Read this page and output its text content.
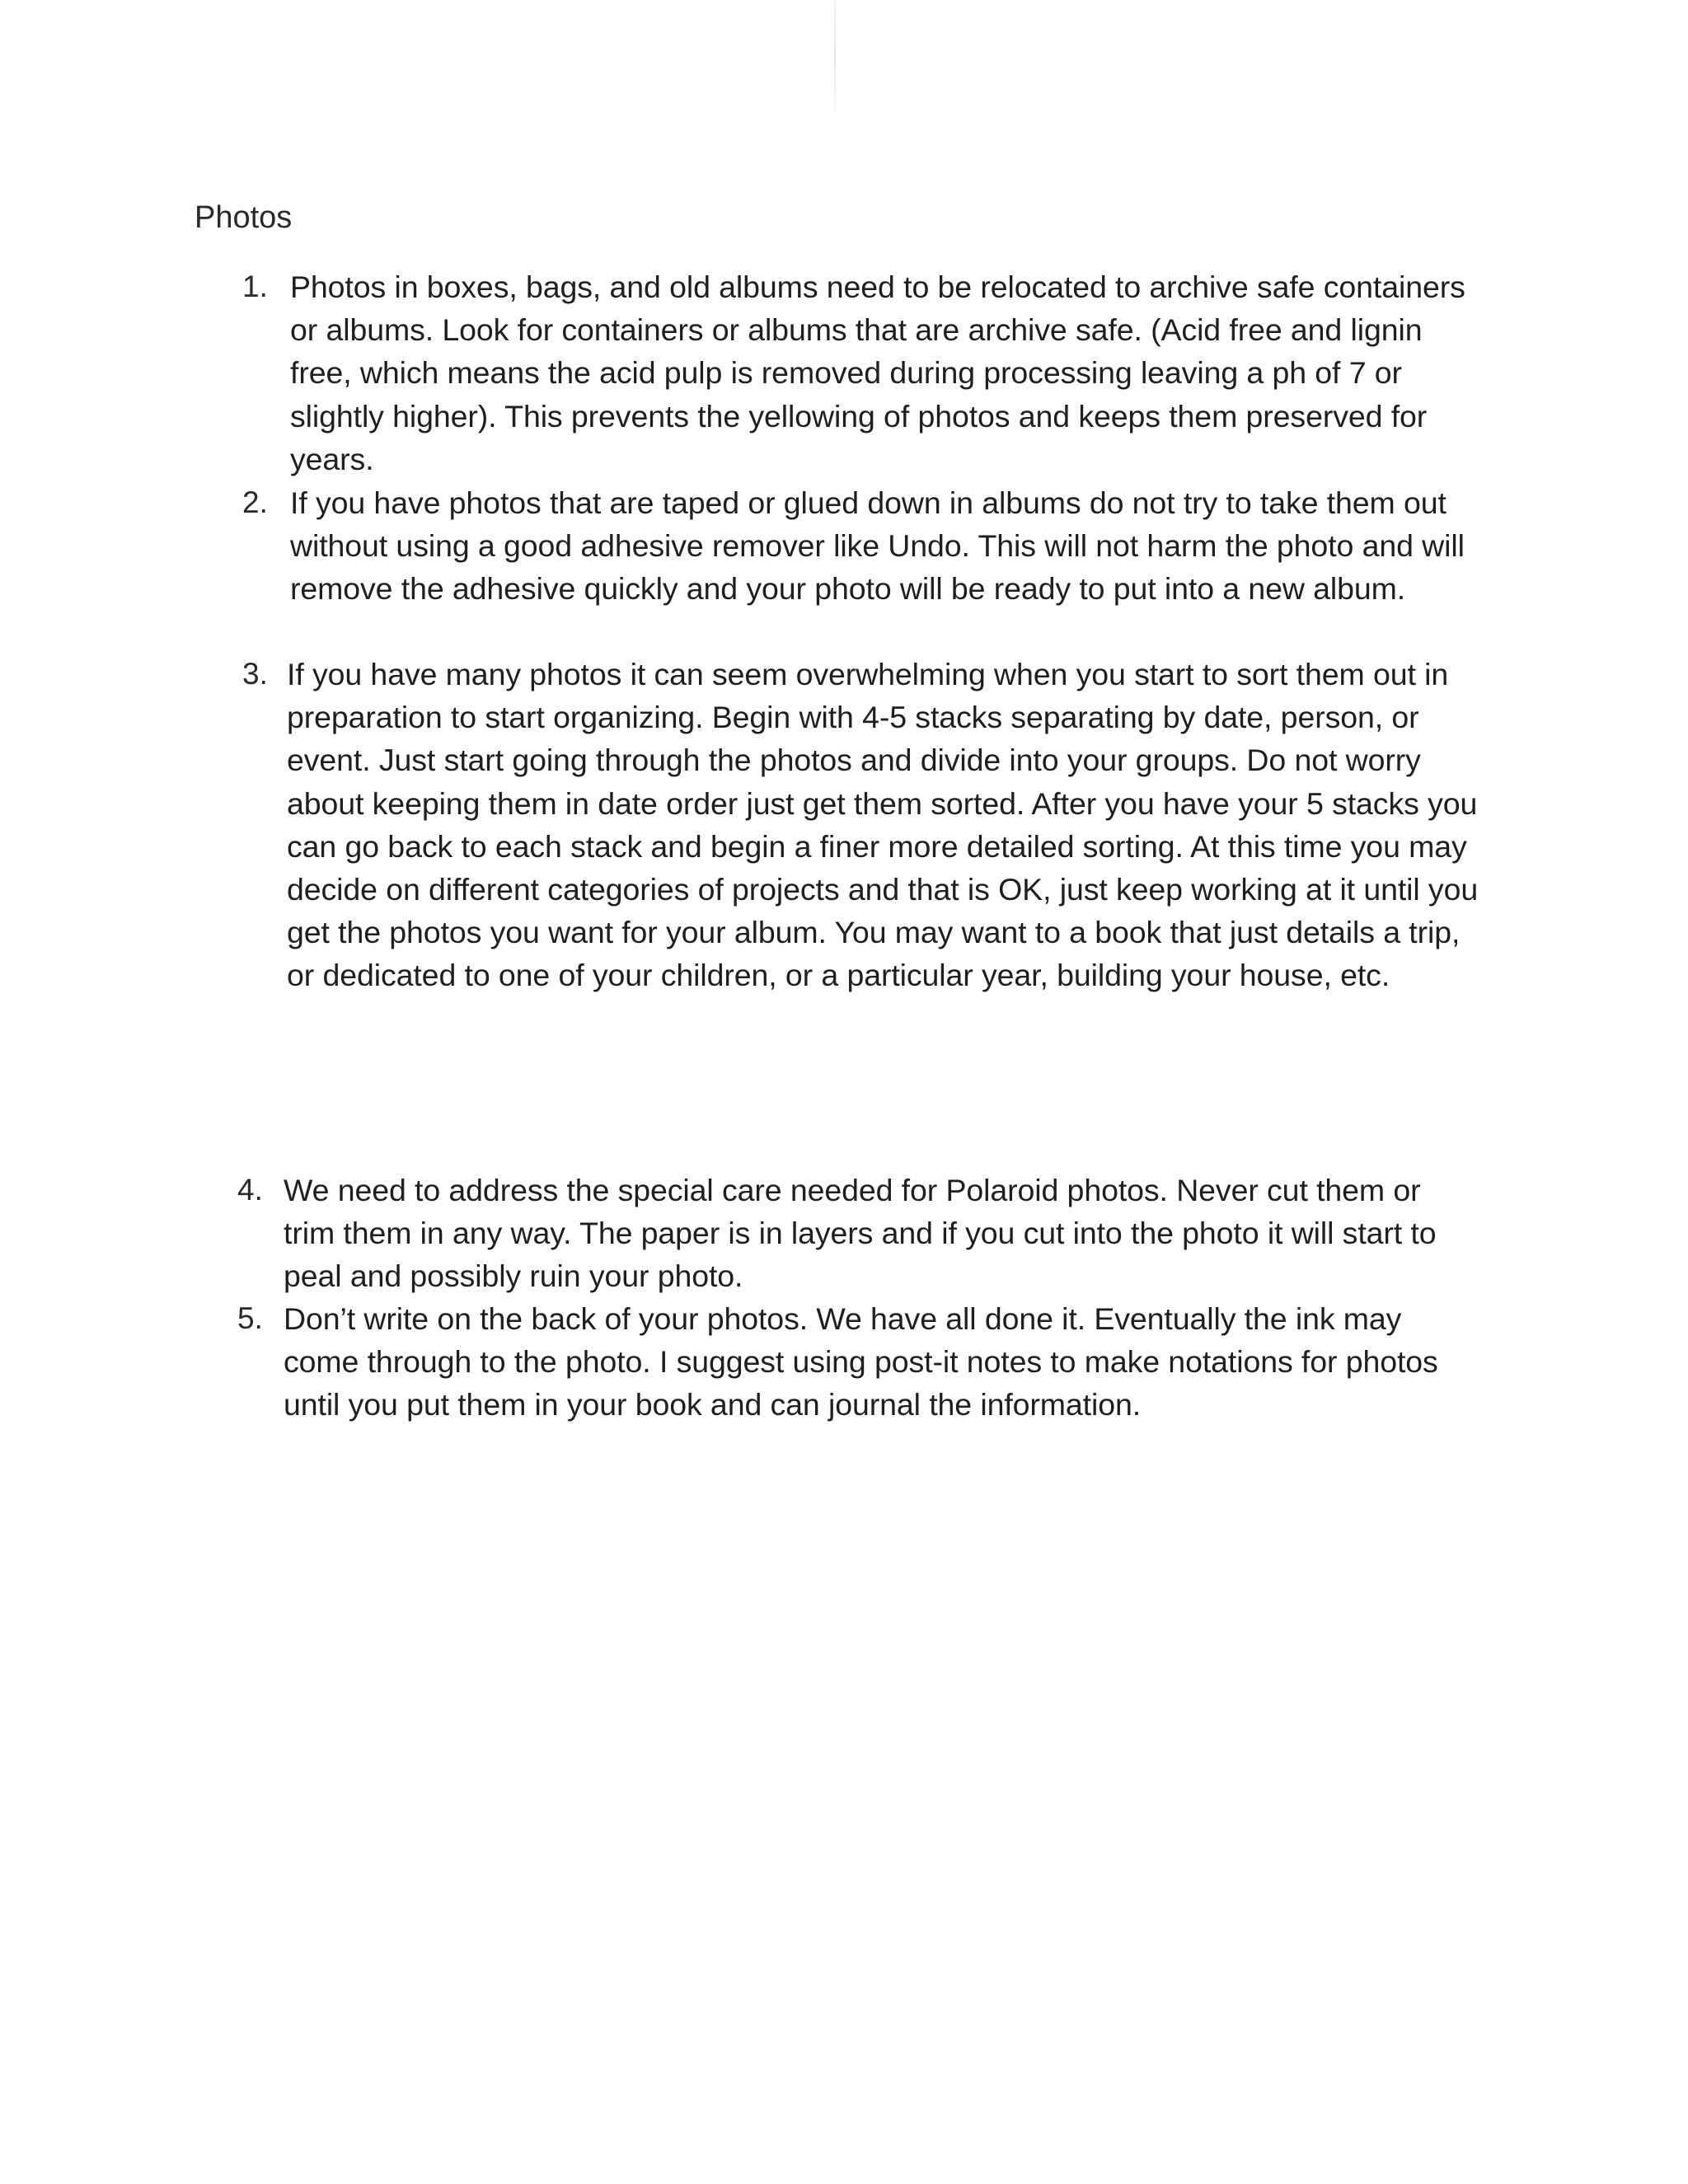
Photos
1. Photos in boxes, bags, and old albums need to be relocated to archive safe containers or albums. Look for containers or albums that are archive safe. (Acid free and lignin free, which means the acid pulp is removed during processing leaving a ph of 7 or slightly higher). This prevents the yellowing of photos and keeps them preserved for years.
2. If you have photos that are taped or glued down in albums do not try to take them out without using a good adhesive remover like Undo. This will not harm the photo and will remove the adhesive quickly and your photo will be ready to put into a new album.
3. If you have many photos it can seem overwhelming when you start to sort them out in preparation to start organizing. Begin with 4-5 stacks separating by date, person, or event. Just start going through the photos and divide into your groups. Do not worry about keeping them in date order just get them sorted. After you have your 5 stacks you can go back to each stack and begin a finer more detailed sorting. At this time you may decide on different categories of projects and that is OK, just keep working at it until you get the photos you want for your album. You may want to a book that just details a trip, or dedicated to one of your children, or a particular year, building your house, etc.
4. We need to address the special care needed for Polaroid photos. Never cut them or trim them in any way. The paper is in layers and if you cut into the photo it will start to peal and possibly ruin your photo.
5. Don’t write on the back of your photos. We have all done it. Eventually the ink may come through to the photo. I suggest using post-it notes to make notations for photos until you put them in your book and can journal the information.
